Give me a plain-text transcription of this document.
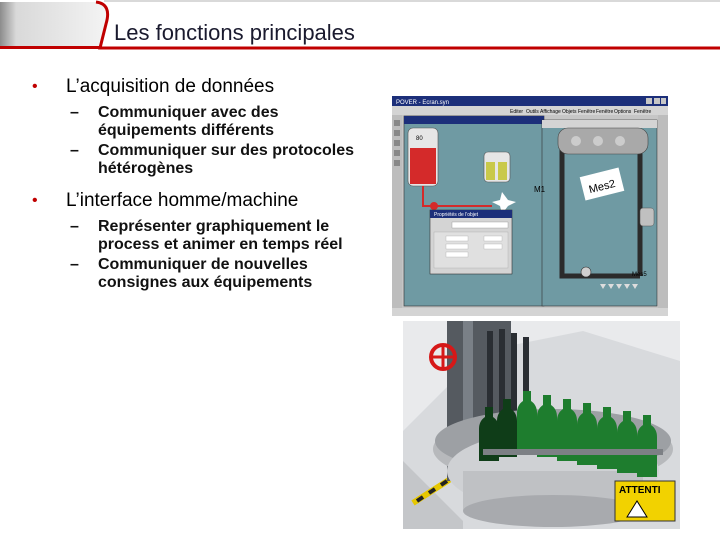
Les fonctions principales
• L’acquisition de données
– Communiquer avec des équipements différents
– Communiquer sur des protocoles hétérogènes
• L’interface homme/machine
– Représenter graphiquement le process et animer en temps réel
– Communiquer de nouvelles consignes aux équipements
POVER - Ecran.syn
Editer Outils Affichage Objets Fenêtre Fenêtre Options Fenêtre
80
M1	Mes2
Mes5
Propriétés de l'objet
ATTENTI
